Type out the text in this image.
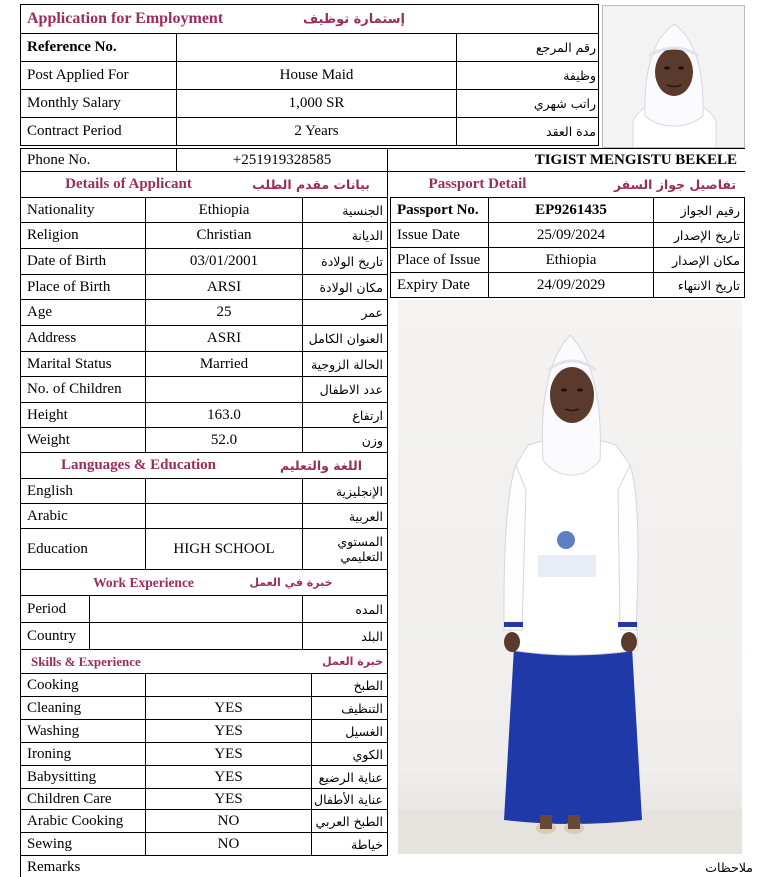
Application for Employment	إستمارة توظيف
Reference No.	رقم المرجع
Post Applied For	House Maid	وظيفة
Monthly Salary	1,000 SR	راتب شهري
Contract Period	2 Years	مدة العقد
Phone No.	+251919328585	TIGIST MENGISTU BEKELE
Details of Applicant	بيانات مقدم الطلب
Nationality	Ethiopia	الجنسية
Religion	Christian	الديانة
Date of Birth	03/01/2001	تاريخ الولادة
Place of Birth	ARSI	مكان الولادة
Age	25	عمر
Address	ASRI	العنوان الكامل
Marital Status	Married	الحالة الزوجية
No. of Children	عدد الاطفال
Height	163.0	ارتفاع
Weight	52.0	وزن
Languages & Education	اللغة والتعليم
English	الإنجليزية
Arabic	العربية
Education	HIGH SCHOOL	المستوي
التعليمي
Work Experience	خبرة في العمل
Period	المده
Country	البلد
Skills & Experience	خبرة العمل
Cooking	الطبخ
Cleaning	YES	التنظيف
Washing	YES	الغسيل
Ironing	YES	الكوي
Babysitting	YES	عناية الرضيع
Children Care	YES	عناية الأطفال
Arabic Cooking	NO	الطبخ العربي
Sewing	NO	خياطة
Passport Detail	تفاصيل جواز السفر
Passport No.	EP9261435	رقيم الجواز
Issue Date	25/09/2024	تاريخ الإصدار
Place of Issue	Ethiopia	مكان الإصدار
Expiry Date	24/09/2029	تاريخ الانتهاء
Remarks	ملاحظات
